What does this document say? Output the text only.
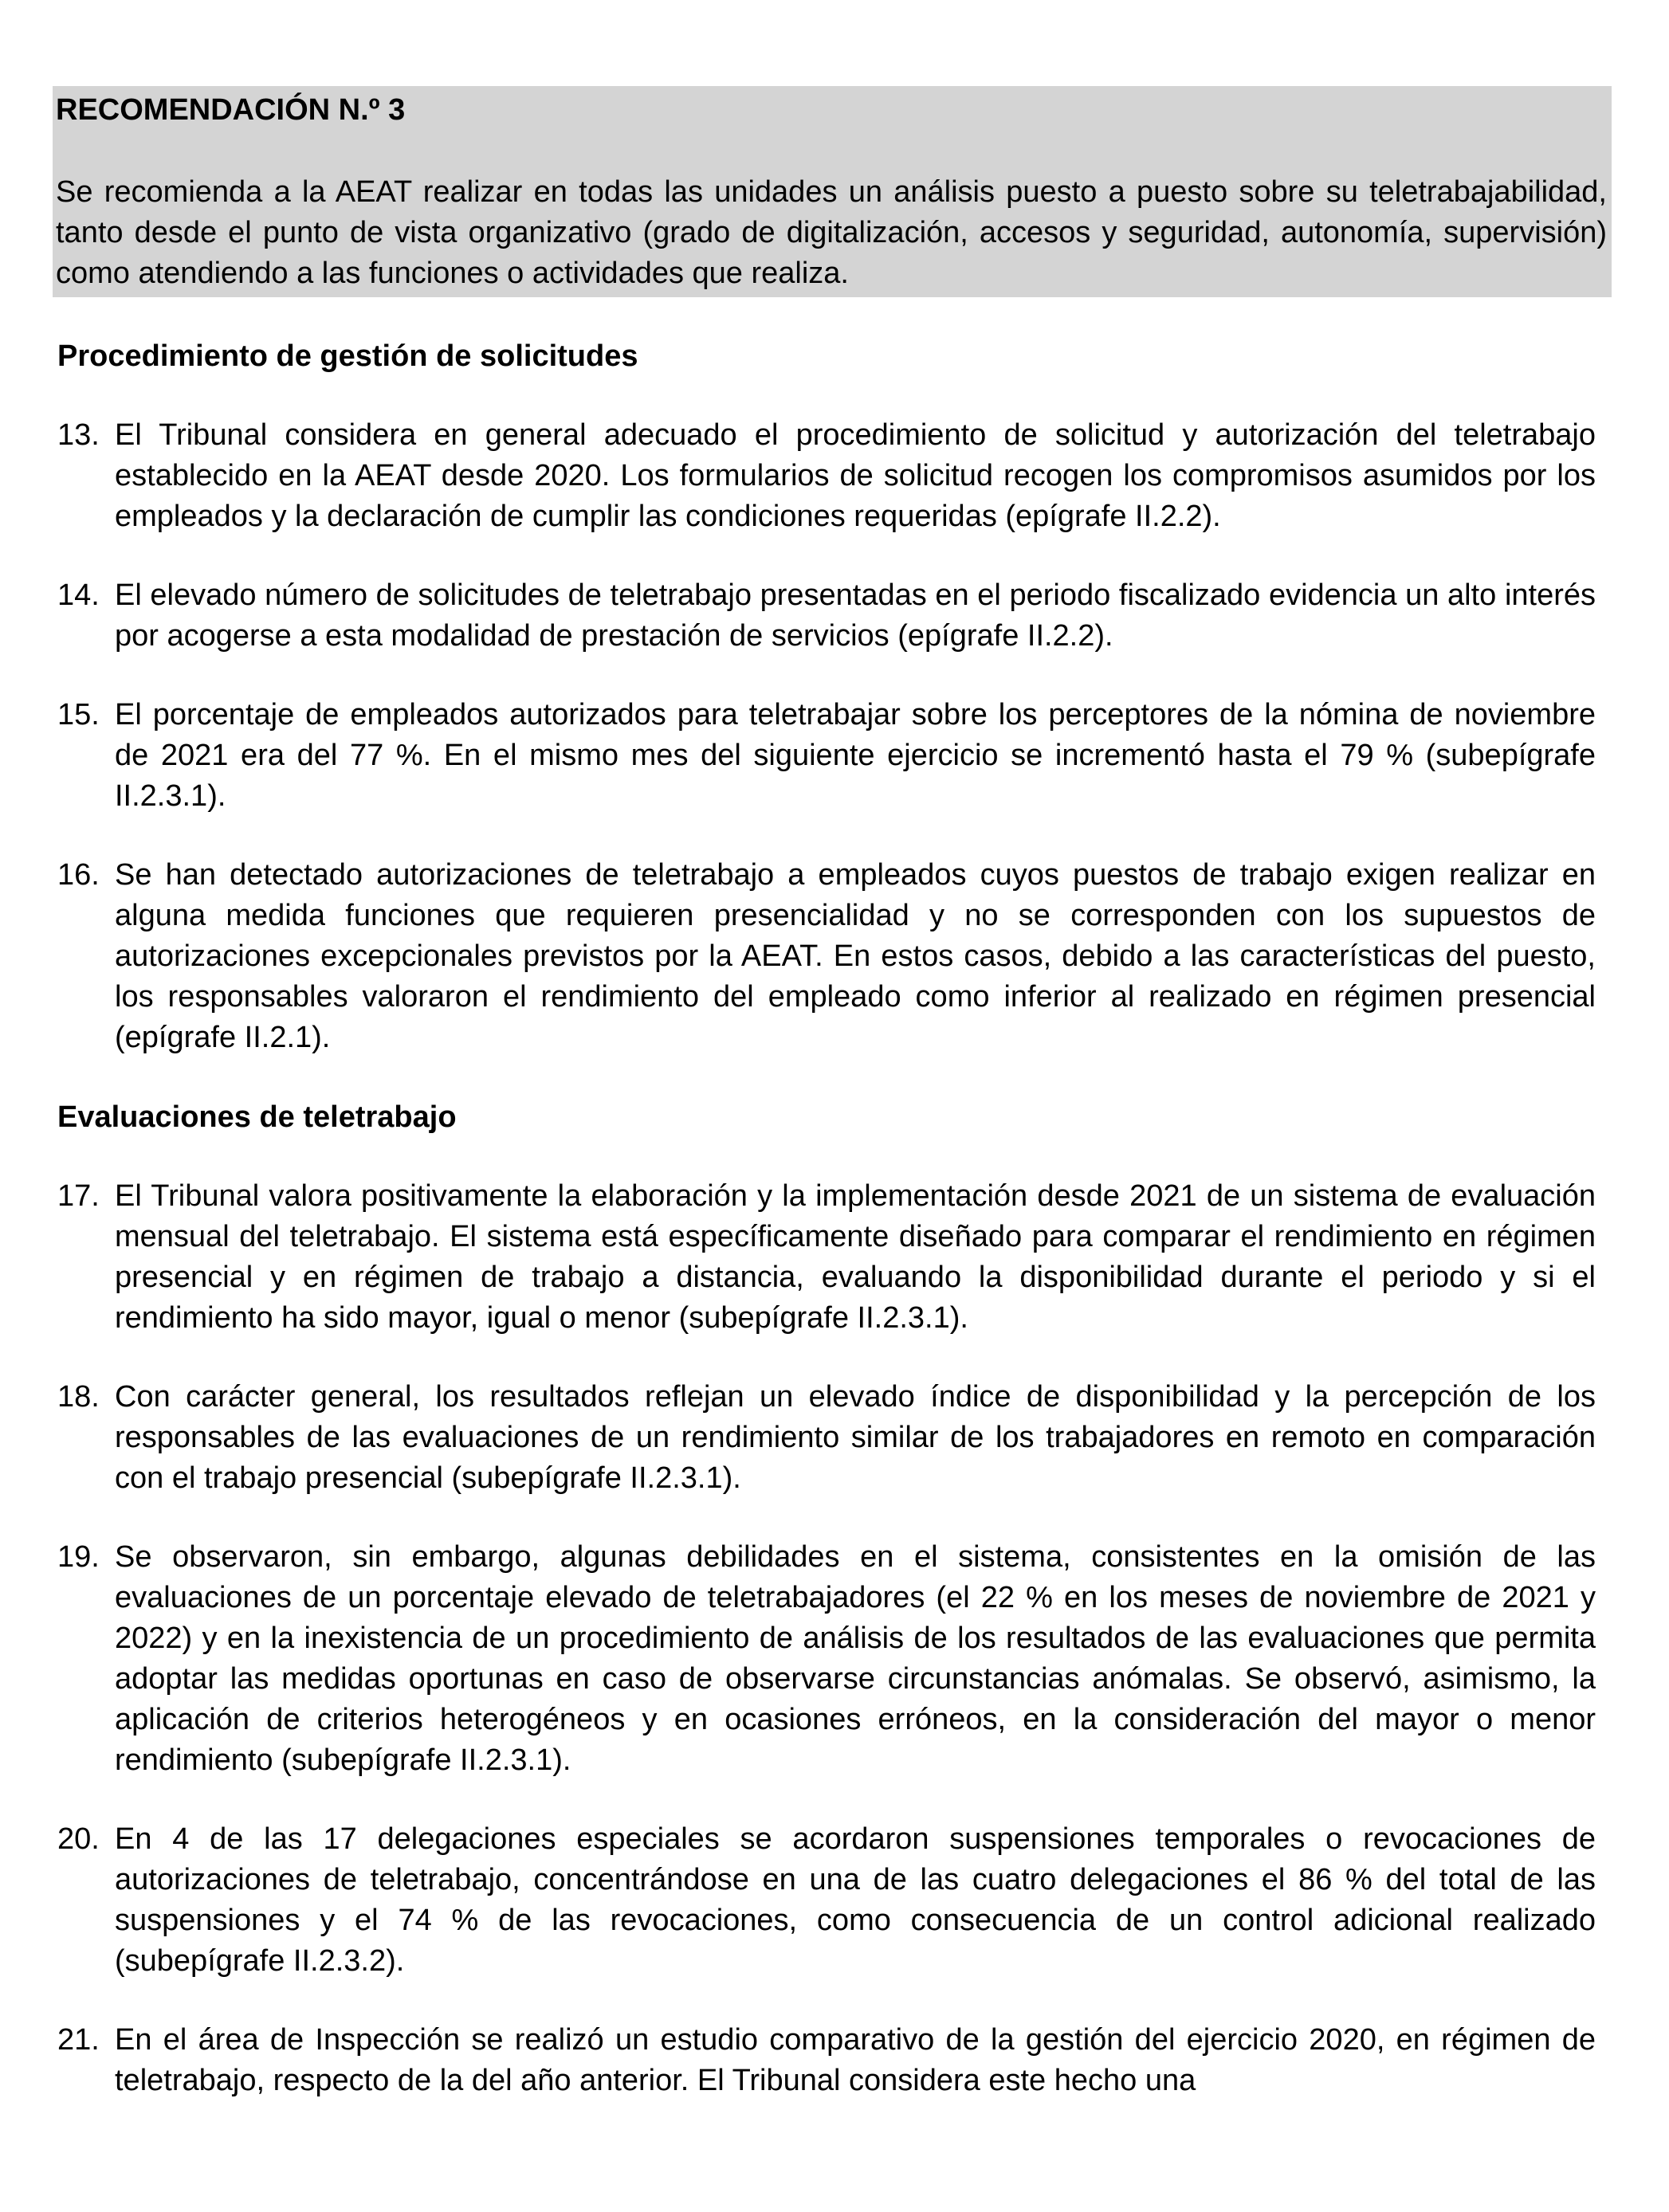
RECOMENDACIÓN N.º 3

Se recomienda a la AEAT realizar en todas las unidades un análisis puesto a puesto sobre su teletrabajabilidad, tanto desde el punto de vista organizativo (grado de digitalización, accesos y seguridad, autonomía, supervisión) como atendiendo a las funciones o actividades que realiza.

Procedimiento de gestión de solicitudes
13. El Tribunal considera en general adecuado el procedimiento de solicitud y autorización del teletrabajo establecido en la AEAT desde 2020. Los formularios de solicitud recogen los compromisos asumidos por los empleados y la declaración de cumplir las condiciones requeridas (epígrafe II.2.2).
14. El elevado número de solicitudes de teletrabajo presentadas en el periodo fiscalizado evidencia un alto interés por acogerse a esta modalidad de prestación de servicios (epígrafe II.2.2).
15. El porcentaje de empleados autorizados para teletrabajar sobre los perceptores de la nómina de noviembre de 2021 era del 77 %. En el mismo mes del siguiente ejercicio se incrementó hasta el 79 % (subepígrafe II.2.3.1).
16. Se han detectado autorizaciones de teletrabajo a empleados cuyos puestos de trabajo exigen realizar en alguna medida funciones que requieren presencialidad y no se corresponden con los supuestos de autorizaciones excepcionales previstos por la AEAT. En estos casos, debido a las características del puesto, los responsables valoraron el rendimiento del empleado como inferior al realizado en régimen presencial (epígrafe II.2.1).
Evaluaciones de teletrabajo
17. El Tribunal valora positivamente la elaboración y la implementación desde 2021 de un sistema de evaluación mensual del teletrabajo. El sistema está específicamente diseñado para comparar el rendimiento en régimen presencial y en régimen de trabajo a distancia, evaluando la disponibilidad durante el periodo y si el rendimiento ha sido mayor, igual o menor (subepígrafe II.2.3.1).
18. Con carácter general, los resultados reflejan un elevado índice de disponibilidad y la percepción de los responsables de las evaluaciones de un rendimiento similar de los trabajadores en remoto en comparación con el trabajo presencial (subepígrafe II.2.3.1).
19. Se observaron, sin embargo, algunas debilidades en el sistema, consistentes en la omisión de las evaluaciones de un porcentaje elevado de teletrabajadores (el 22 % en los meses de noviembre de 2021 y 2022) y en la inexistencia de un procedimiento de análisis de los resultados de las evaluaciones que permita adoptar las medidas oportunas en caso de observarse circunstancias anómalas. Se observó, asimismo, la aplicación de criterios heterogéneos y en ocasiones erróneos, en la consideración del mayor o menor rendimiento (subepígrafe II.2.3.1).
20. En 4 de las 17 delegaciones especiales se acordaron suspensiones temporales o revocaciones de autorizaciones de teletrabajo, concentrándose en una de las cuatro delegaciones el 86 % del total de las suspensiones y el 74 % de las revocaciones, como consecuencia de un control adicional realizado (subepígrafe II.2.3.2).
21. En el área de Inspección se realizó un estudio comparativo de la gestión del ejercicio 2020, en régimen de teletrabajo, respecto de la del año anterior. El Tribunal considera este hecho una
